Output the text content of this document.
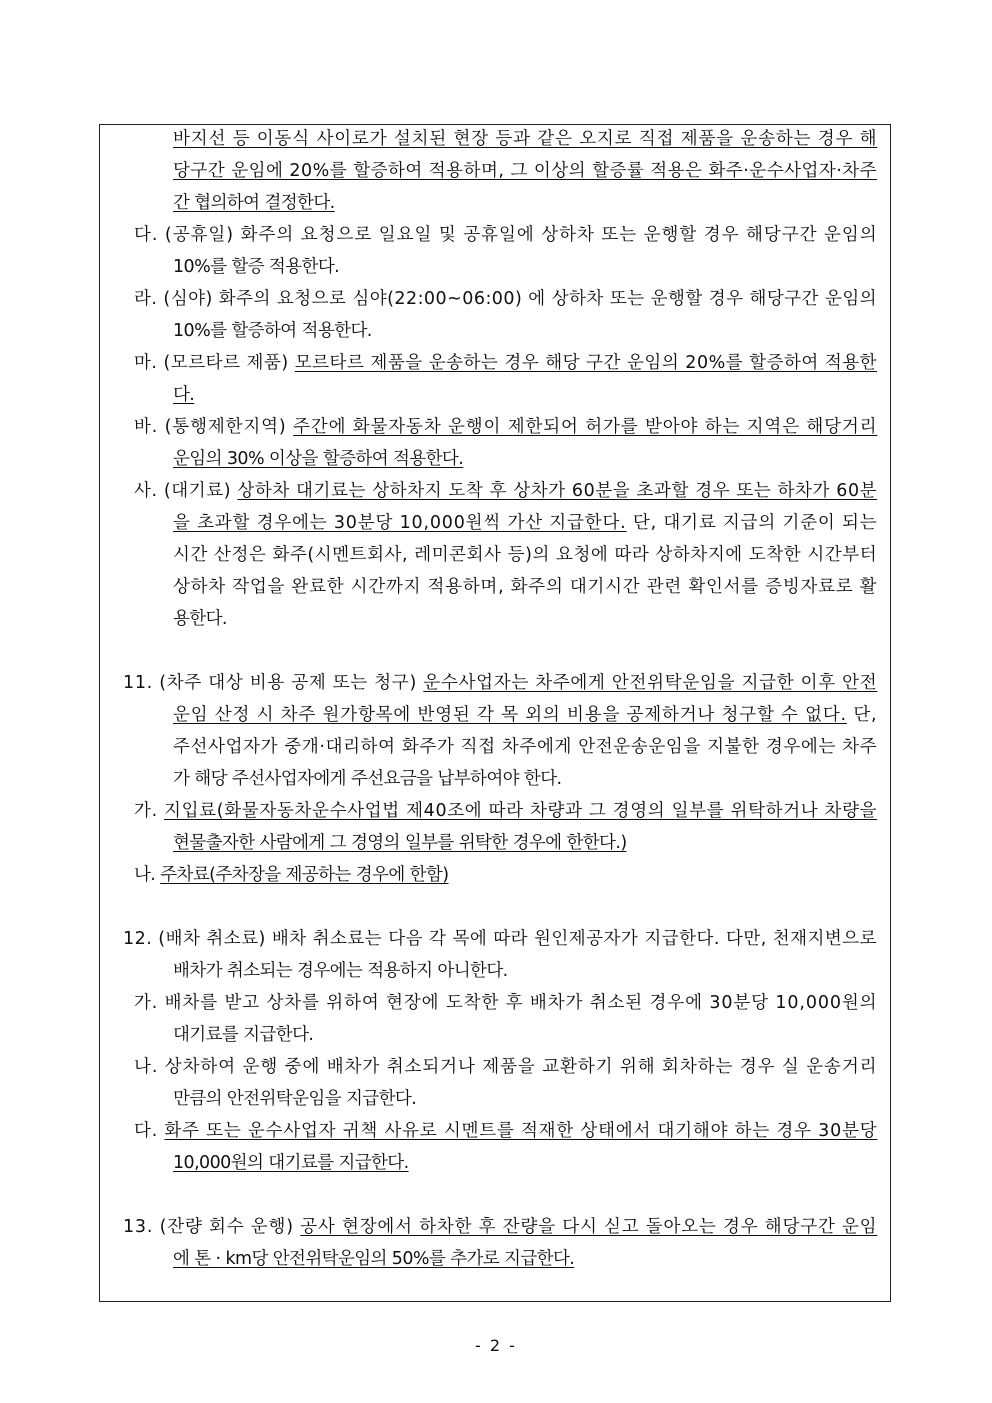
바지선 등 이동식 사이로가 설치된 현장 등과 같은 오지로 직접 제품을 운송하는 경우 해
당구간 운임에 20%를 할증하여 적용하며, 그 이상의 할증률 적용은 화주·운수사업자·차주
간 협의하여 결정한다.
다. (공휴일) 화주의 요청으로 일요일 및 공휴일에 상하차 또는 운행할 경우 해당구간 운임의
10%를 할증 적용한다.
라. (심야) 화주의 요청으로 심야(22:00~06:00) 에 상하차 또는 운행할 경우 해당구간 운임의
10%를 할증하여 적용한다.
마. (모르타르 제품) 모르타르 제품을 운송하는 경우 해당 구간 운임의 20%를 할증하여 적용한
다.
바. (통행제한지역) 주간에 화물자동차 운행이 제한되어 허가를 받아야 하는 지역은 해당거리
운임의 30% 이상을 할증하여 적용한다.
사. (대기료) 상하차 대기료는 상하차지 도착 후 상차가 60분을 초과할 경우 또는 하차가 60분
을 초과할 경우에는 30분당 10,000원씩 가산 지급한다. 단, 대기료 지급의 기준이 되는
시간 산정은 화주(시멘트회사, 레미콘회사 등)의 요청에 따라 상하차지에 도착한 시간부터
상하차 작업을 완료한 시간까지 적용하며, 화주의 대기시간 관련 확인서를 증빙자료로 활
용한다.
11. (차주 대상 비용 공제 또는 청구) 운수사업자는 차주에게 안전위탁운임을 지급한 이후 안전
운임 산정 시 차주 원가항목에 반영된 각 목 외의 비용을 공제하거나 청구할 수 없다. 단,
주선사업자가 중개·대리하여 화주가 직접 차주에게 안전운송운임을 지불한 경우에는 차주
가 해당 주선사업자에게 주선요금을 납부하여야 한다.
가. 지입료(화물자동차운수사업법 제40조에 따라 차량과 그 경영의 일부를 위탁하거나 차량을
현물출자한 사람에게 그 경영의 일부를 위탁한 경우에 한한다.)
나. 주차료(주차장을 제공하는 경우에 한함)
12. (배차 취소료) 배차 취소료는 다음 각 목에 따라 원인제공자가 지급한다. 다만, 천재지변으로
배차가 취소되는 경우에는 적용하지 아니한다.
가. 배차를 받고 상차를 위하여 현장에 도착한 후 배차가 취소된 경우에 30분당 10,000원의
대기료를 지급한다.
나. 상차하여 운행 중에 배차가 취소되거나 제품을 교환하기 위해 회차하는 경우 실 운송거리
만큼의 안전위탁운임을 지급한다.
다. 화주 또는 운수사업자 귀책 사유로 시멘트를 적재한 상태에서 대기해야 하는 경우 30분당
10,000원의 대기료를 지급한다.
13. (잔량 회수 운행) 공사 현장에서 하차한 후 잔량을 다시 싣고 돌아오는 경우 해당구간 운임
에 톤 · km당 안전위탁운임의 50%를 추가로 지급한다.
- 2 -
